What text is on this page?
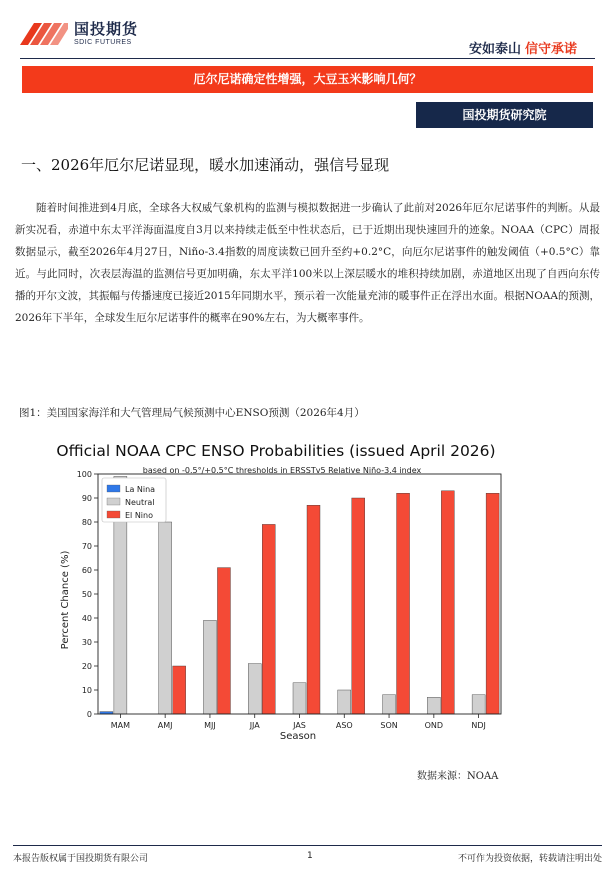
国投期货
SDIC FUTURES	安如泰山 信守承诺
厄尔尼诺确定性增强，大豆玉米影响几何？
国投期货研究院
一、2026年厄尔尼诺显现，暖水加速涌动，强信号显现
随着时间推进到4月底，全球各大权威气象机构的监测与模拟数据进一步确认了此前对2026年厄尔尼诺事件的判断。从最新实况看，赤道中东太平洋海面温度自3月以来持续走低至中性状态后，已于近期出现快速回升的迹象。NOAA（CPC）周报数据显示，截至2026年4月27日，Niño-3.4指数的周度读数已回升至约+0.2°C，向厄尔尼诺事件的触发阈值（+0.5°C）靠近。与此同时，次表层海温的监测信号更加明确，东太平洋100米以上深层暖水的堆积持续加剧，赤道地区出现了自西向东传播的开尔文波，其振幅与传播速度已接近2015年同期水平，预示着一次能量充沛的暖事件正在浮出水面。根据NOAA的预测，2026年下半年，全球发生厄尔尼诺事件的概率在90%左右，为大概率事件。
图1：美国国家海洋和大气管理局气候预测中心ENSO预测（2026年4月）
Official NOAA CPC ENSO Probabilities (issued April 2026)
based on -0.5°/+0.5°C thresholds in ERSSTv5 Relative Niño-3.4 index
0
10
20
30
40
50
60
70
80
90
100
MAM	AMJ	MJJ	JJA	JAS	ASO	SON	OND	NDJ
La Nina
Neutral
El Nino
Percent Chance (%)
Season
数据来源：NOAA
本报告版权属于国投期货有限公司	1	不可作为投资依据，转载请注明出处
